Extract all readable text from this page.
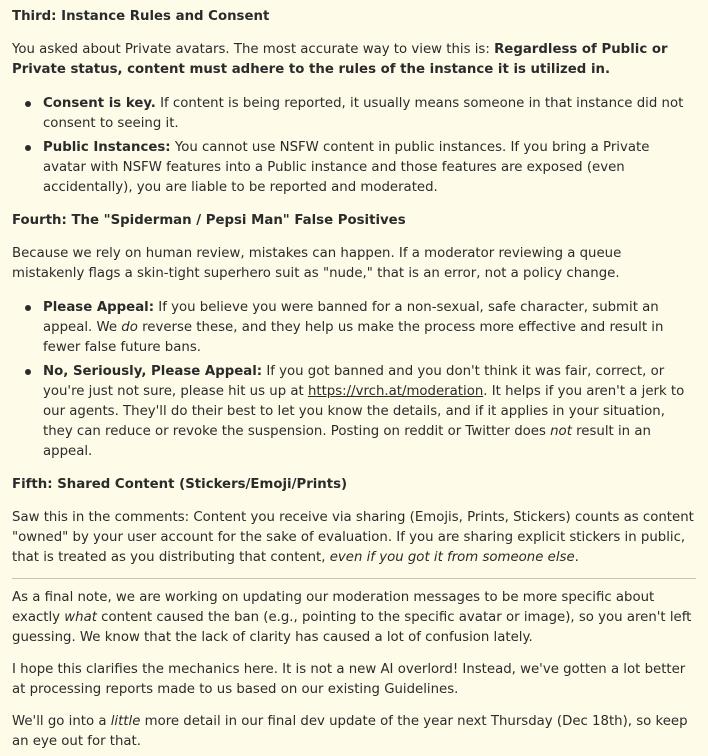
Third: Instance Rules and Consent

You asked about Private avatars. The most accurate way to view this is: Regardless of Public or Private status, content must adhere to the rules of the instance it is utilized in.

Consent is key. If content is being reported, it usually means someone in that instance did not consent to seeing it.
Public Instances: You cannot use NSFW content in public instances. If you bring a Private avatar with NSFW features into a Public instance and those features are exposed (even accidentally), you are liable to be reported and moderated.
Fourth: The "Spiderman / Pepsi Man" False Positives

Because we rely on human review, mistakes can happen. If a moderator reviewing a queue mistakenly flags a skin-tight superhero suit as "nude," that is an error, not a policy change.

Please Appeal: If you believe you were banned for a non-sexual, safe character, submit an appeal. We do reverse these, and they help us make the process more effective and result in fewer false future bans.
No, Seriously, Please Appeal: If you got banned and you don't think it was fair, correct, or you're just not sure, please hit us up at https://vrch.at/moderation. It helps if you aren't a jerk to our agents. They'll do their best to let you know the details, and if it applies in your situation, they can reduce or revoke the suspension. Posting on reddit or Twitter does not result in an appeal.
Fifth: Shared Content (Stickers/Emoji/Prints)

Saw this in the comments: Content you receive via sharing (Emojis, Prints, Stickers) counts as content "owned" by your user account for the sake of evaluation. If you are sharing explicit stickers in public, that is treated as you distributing that content, even if you got it from someone else.

As a final note, we are working on updating our moderation messages to be more specific about exactly what content caused the ban (e.g., pointing to the specific avatar or image), so you aren't left guessing. We know that the lack of clarity has caused a lot of confusion lately.

I hope this clarifies the mechanics here. It is not a new AI overlord! Instead, we've gotten a lot better at processing reports made to us based on our existing Guidelines.

We'll go into a little more detail in our final dev update of the year next Thursday (Dec 18th), so keep an eye out for that.
